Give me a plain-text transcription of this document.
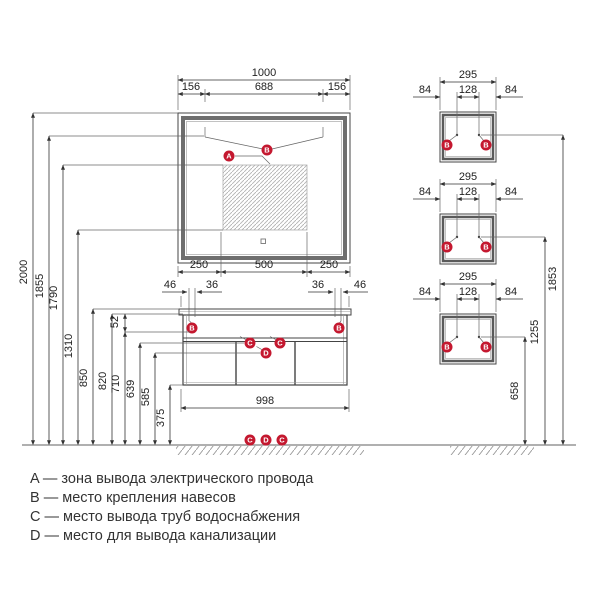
A
B
1000
156	688	156
250	500	250
B	B
C	C
D
46	36	36	46
998
295
84	128	84
B	B
295
84	128	84
B	B
295
84	128	84
B	B
1853
1255
658
2000
1855 1790
1310
850 820
52
710 639 585
375
C D C
A — зона вывода электрического провода
B — место крепления навесов
C — место вывода труб водоснабжения
D — место для вывода канализации
